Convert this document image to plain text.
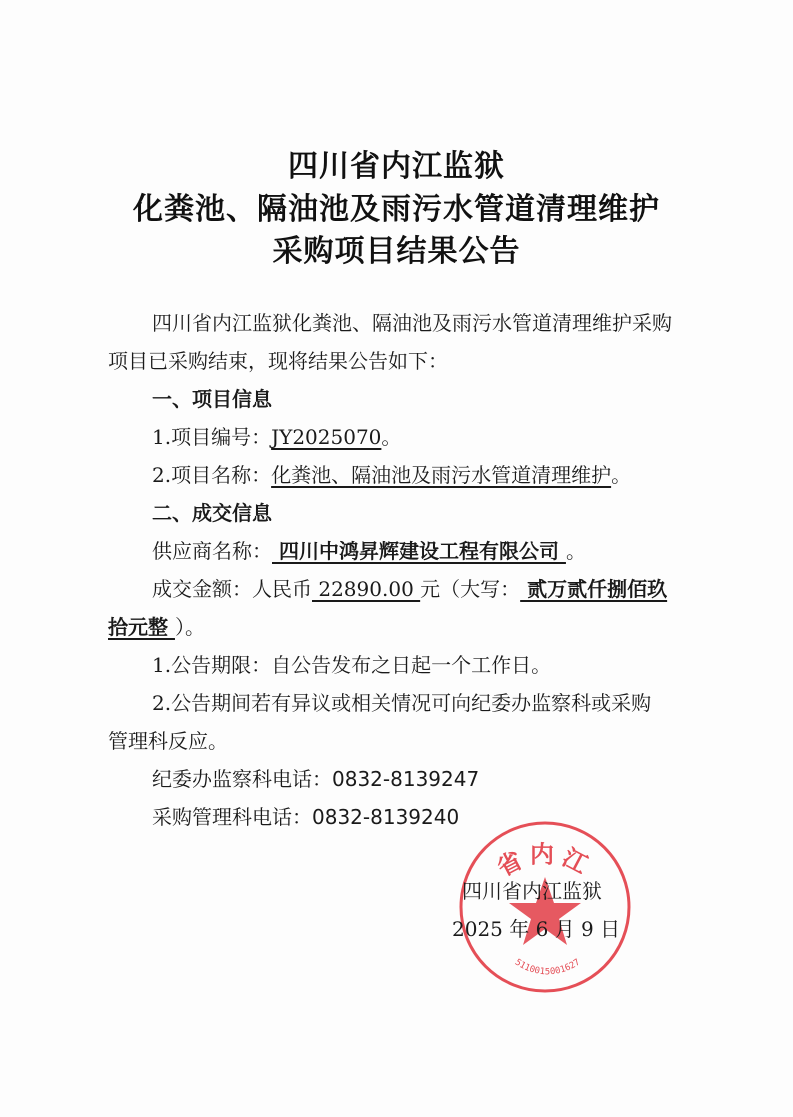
四川省内江监狱
化粪池、隔油池及雨污水管道清理维护
采购项目结果公告
四川省内江监狱化粪池、隔油池及雨污水管道清理维护采购
项目已采购结束，现将结果公告如下：
一、项目信息
1.项目编号：JY2025070。
2.项目名称：化粪池、隔油池及雨污水管道清理维护。
二、成交信息
供应商名称： 四川中鸿昇辉建设工程有限公司 。
成交金额：人民币 22890.00 元（大写： 贰万贰仟捌佰玖
拾元整 ）。
1.公告期限：自公告发布之日起一个工作日。
2.公告期间若有异议或相关情况可向纪委办监察科或采购
管理科反应。
纪委办监察科电话：0832-8139247
采购管理科电话：0832-8139240
省内江
5110015001627
四川省内江监狱
2025 年 6 月 9 日
